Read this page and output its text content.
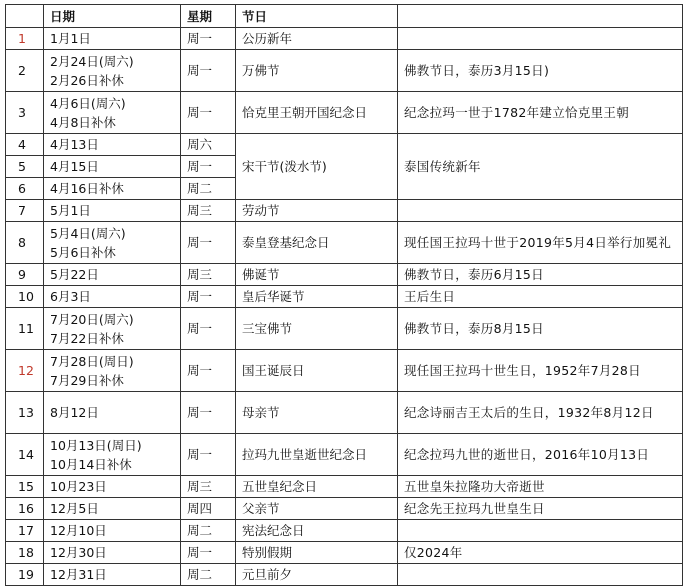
	日期	星期	节日	
1	1月1日	周一	公历新年	
2	2月24日(周六)
2月26日补休	周一	万佛节	佛教节日，泰历3月15日)
3	4月6日(周六)
4月8日补休	周一	恰克里王朝开国纪念日	纪念拉玛一世于1782年建立恰克里王朝
4	4月13日	周六	宋干节(泼水节)	泰国传统新年
5	4月15日	周一		
6	4月16日补休	周二		
7	5月1日	周三	劳动节	
8	5月4日(周六)
5月6日补休	周一	泰皇登基纪念日	现任国王拉玛十世于2019年5月4日举行加冕礼
9	5月22日	周三	佛诞节	佛教节日，泰历6月15日
10	6月3日	周一	皇后华诞节	王后生日
11	7月20日(周六)
7月22日补休	周一	三宝佛节	佛教节日，泰历8月15日
12	7月28日(周日)
7月29日补休	周一	国王诞辰日	现任国王拉玛十世生日，1952年7月28日
13	8月12日	周一	母亲节	纪念诗丽吉王太后的生日，1932年8月12日
14	10月13日(周日)
10月14日补休	周一	拉玛九世皇逝世纪念日	纪念拉玛九世的逝世日，2016年10月13日
15	10月23日	周三	五世皇纪念日	五世皇朱拉隆功大帝逝世
16	12月5日	周四	父亲节	纪念先王拉玛九世皇生日
17	12月10日	周二	宪法纪念日	
18	12月30日	周一	特别假期	仅2024年
19	12月31日	周二	元旦前夕	
